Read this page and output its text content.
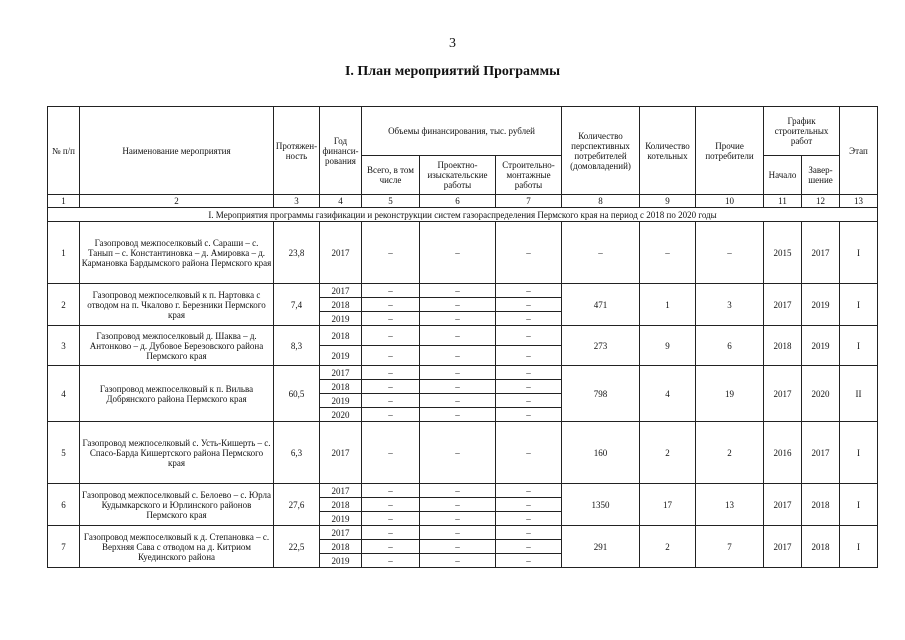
3
I. План мероприятий Программы
№ п/п	Наименование мероприятия	Протяжен-ность	Год финанси-рования	Объемы финансирования, тыс. рублей			Количество перспективных потребителей (домовладений)	Количество котельных	Прочие потребители	График строительных работ		Этап
				Всего, в том числе	Проектно-изыскательские работы	Строительно-монтажные работы				Начало	Завер-шение	
1	2	3	4	5	6	7	8	9	10	11	12	13
I. Мероприятия программы газификации и реконструкции систем газораспределения Пермского края на период с 2018 по 2020 годы												
1	Газопровод межпоселковый с. Сараши – с. Танып – с. Константиновка – д. Амировка – д. Кармановка Бардымского района Пермского края	23,8	2017	–	–	–	–	–	–	2015	2017	I
2	Газопровод межпоселковый к п. Нартовка с отводом на п. Чкалово г. Березники Пермского края	7,4	2017	–	–	–	471	1	3	2017	2019	I
			2018	–	–	–						
			2019	–	–	–						
3	Газопровод межпоселковый д. Шаква – д. Антонково – д. Дубовое Березовского района Пермского края	8,3	2018	–	–	–	273	9	6	2018	2019	I
			2019	–	–	–						
4	Газопровод межпоселковый к п. Вильва Добрянского района Пермского края	60,5	2017	–	–	–	798	4	19	2017	2020	II
			2018	–	–	–						
			2019	–	–	–						
			2020	–	–	–						
5	Газопровод межпоселковый с. Усть-Кишерть – с. Спасо-Барда Кишертского района Пермского края	6,3	2017	–	–	–	160	2	2	2016	2017	I
6	Газопровод межпоселковый с. Белоево – с. Юрла Кудымкарского и Юрлинского районов Пермского края	27,6	2017	–	–	–	1350	17	13	2017	2018	I
			2018	–	–	–						
			2019	–	–	–						
7	Газопровод межпоселковый к д. Степановка – с. Верхняя Сава с отводом на д. Китриом Куединского района	22,5	2017	–	–	–	291	2	7	2017	2018	I
			2018	–	–	–						
			2019	–	–	–						
